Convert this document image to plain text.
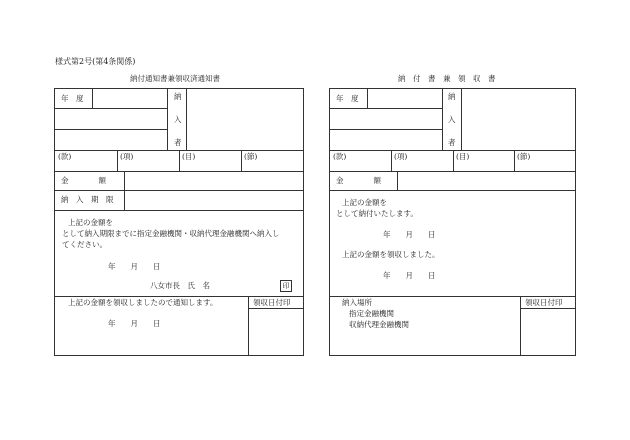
様式第2号(第4条関係)
納付通知書兼領収済通知書	納　付　書　兼　領　収　書
年　度	納
入
者
(款)	(項)	(目)	(節)
金　　　　額
納　入　期　限
上記の金額を
として納入期限までに指定金融機関・収納代理金融機関へ納入し
てください。
年　　月　　日
八女市長　氏　名	印
上記の金額を領収しましたので通知します。	領収日付印
年　　月　　日
年　度	納
入
者
(款)	(項)	(目)	(節)
金　　　　額
上記の金額を
として納付いたします。
年　　月　　日
上記の金額を領収しました。
年　　月　　日
納入場所
指定金融機関
収納代理金融機関
領収日付印
